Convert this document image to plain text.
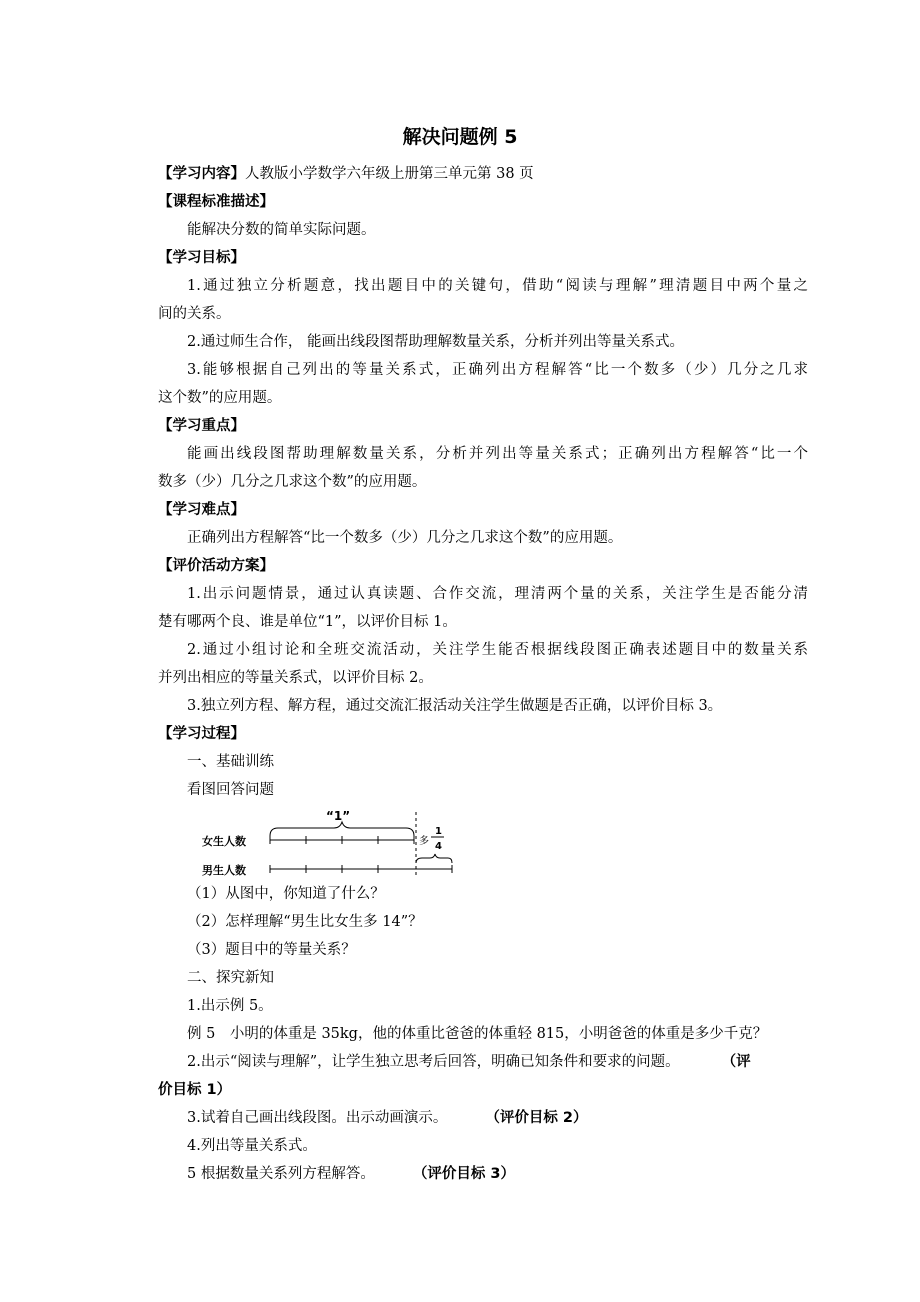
解决问题例 5
【学习内容】人教版小学数学六年级上册第三单元第 38 页
【课程标准描述】
能解决分数的简单实际问题。
【学习目标】
1.通过独立分析题意，找出题目中的关键句，借助“阅读与理解”理清题目中两个量之
间的关系。
2.通过师生合作， 能画出线段图帮助理解数量关系，分析并列出等量关系式。
3.能够根据自己列出的等量关系式，正确列出方程解答“比一个数多（少）几分之几求
这个数”的应用题。
【学习重点】
能画出线段图帮助理解数量关系，分析并列出等量关系式；正确列出方程解答“比一个
数多（少）几分之几求这个数”的应用题。
【学习难点】
正确列出方程解答“比一个数多（少）几分之几求这个数”的应用题。
【评价活动方案】
1.出示问题情景，通过认真读题、合作交流，理清两个量的关系，关注学生是否能分清
楚有哪两个良、谁是单位“1”，以评价目标 1。
2.通过小组讨论和全班交流活动，关注学生能否根据线段图正确表述题目中的数量关系
并列出相应的等量关系式，以评价目标 2。
3.独立列方程、解方程，通过交流汇报活动关注学生做题是否正确，以评价目标 3。
【学习过程】
一、基础训练
看图回答问题
“1”
女生人数
男生人数
多
1
4
（1）从图中，你知道了什么？
（2）怎样理解“男生比女生多 14”？
（3）题目中的等量关系？
二、探究新知
1.出示例 5。
例 5　小明的体重是 35kg，他的体重比爸爸的体重轻 815，小明爸爸的体重是多少千克？
2.出示“阅读与理解”，让学生独立思考后回答，明确已知条件和要求的问题。	（评
价目标 1）
3.试着自己画出线段图。出示动画演示。	（评价目标 2）
4.列出等量关系式。
5 根据数量关系列方程解答。	（评价目标 3）
